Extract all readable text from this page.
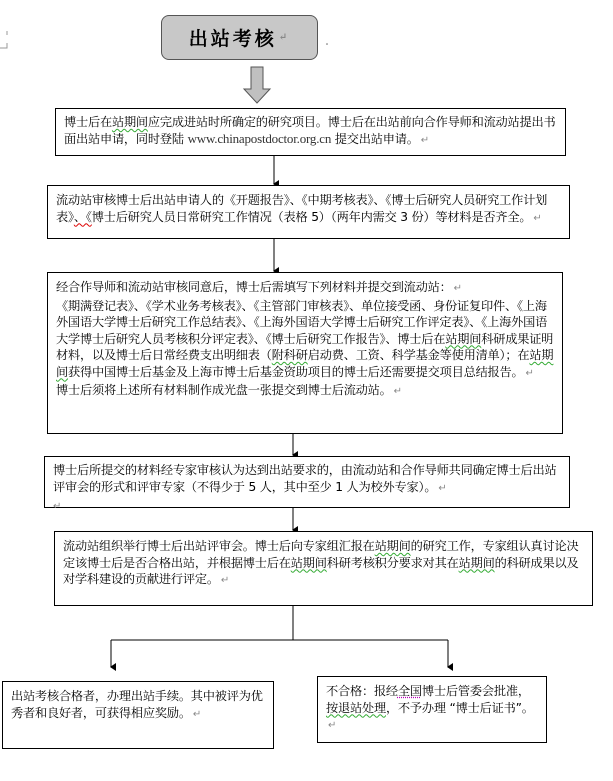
出站考核 ↵
博士后在站期间应完成进站时所确定的研究项目。博士后在出站前向合作导师和流动站提出书面出站申请，同时登陆 www.chinapostdoctor.org.cn 提交出站申请。 ↵
流动站审核博士后出站申请人的《开题报告》、《中期考核表》、《博士后研究人员研究工作计划表》、《博士后研究人员日常研究工作情况（表格 5）（两年内需交 3 份）等材料是否齐全。 ↵
经合作导师和流动站审核同意后，博士后需填写下列材料并提交到流动站： ↵
《期满登记表》、《学术业务考核表》、《主管部门审核表》、单位接受函、身份证复印件、《上海外国语大学博士后研究工作总结表》、《上海外国语大学博士后研究工作评定表》、《上海外国语大学博士后研究人员考核积分评定表》、《博士后研究工作报告》、博士后在站期间科研成果证明材料，以及博士后日常经费支出明细表（附科研启动费、工资、科学基金等使用清单）；在站期间获得中国博士后基金及上海市博士后基金资助项目的博士后还需要提交项目总结报告。 ↵
博士后须将上述所有材料制作成光盘一张提交到博士后流动站。 ↵
博士后所提交的材料经专家审核认为达到出站要求的，由流动站和合作导师共同确定博士后出站评审会的形式和评审专家（不得少于 5 人，其中至少 1 人为校外专家）。 ↵
↵
流动站组织举行博士后出站评审会。博士后向专家组汇报在站期间的研究工作，专家组认真讨论决定该博士后是否合格出站，并根据博士后在站期间科研考核积分要求对其在站期间的科研成果以及对学科建设的贡献进行评定。 ↵
出站考核合格者，办理出站手续。其中被评为优秀者和良好者，可获得相应奖励。 ↵
不合格：报经全国博士后管委会批准，按退站处理，不予办理 “博士后证书”。↵
